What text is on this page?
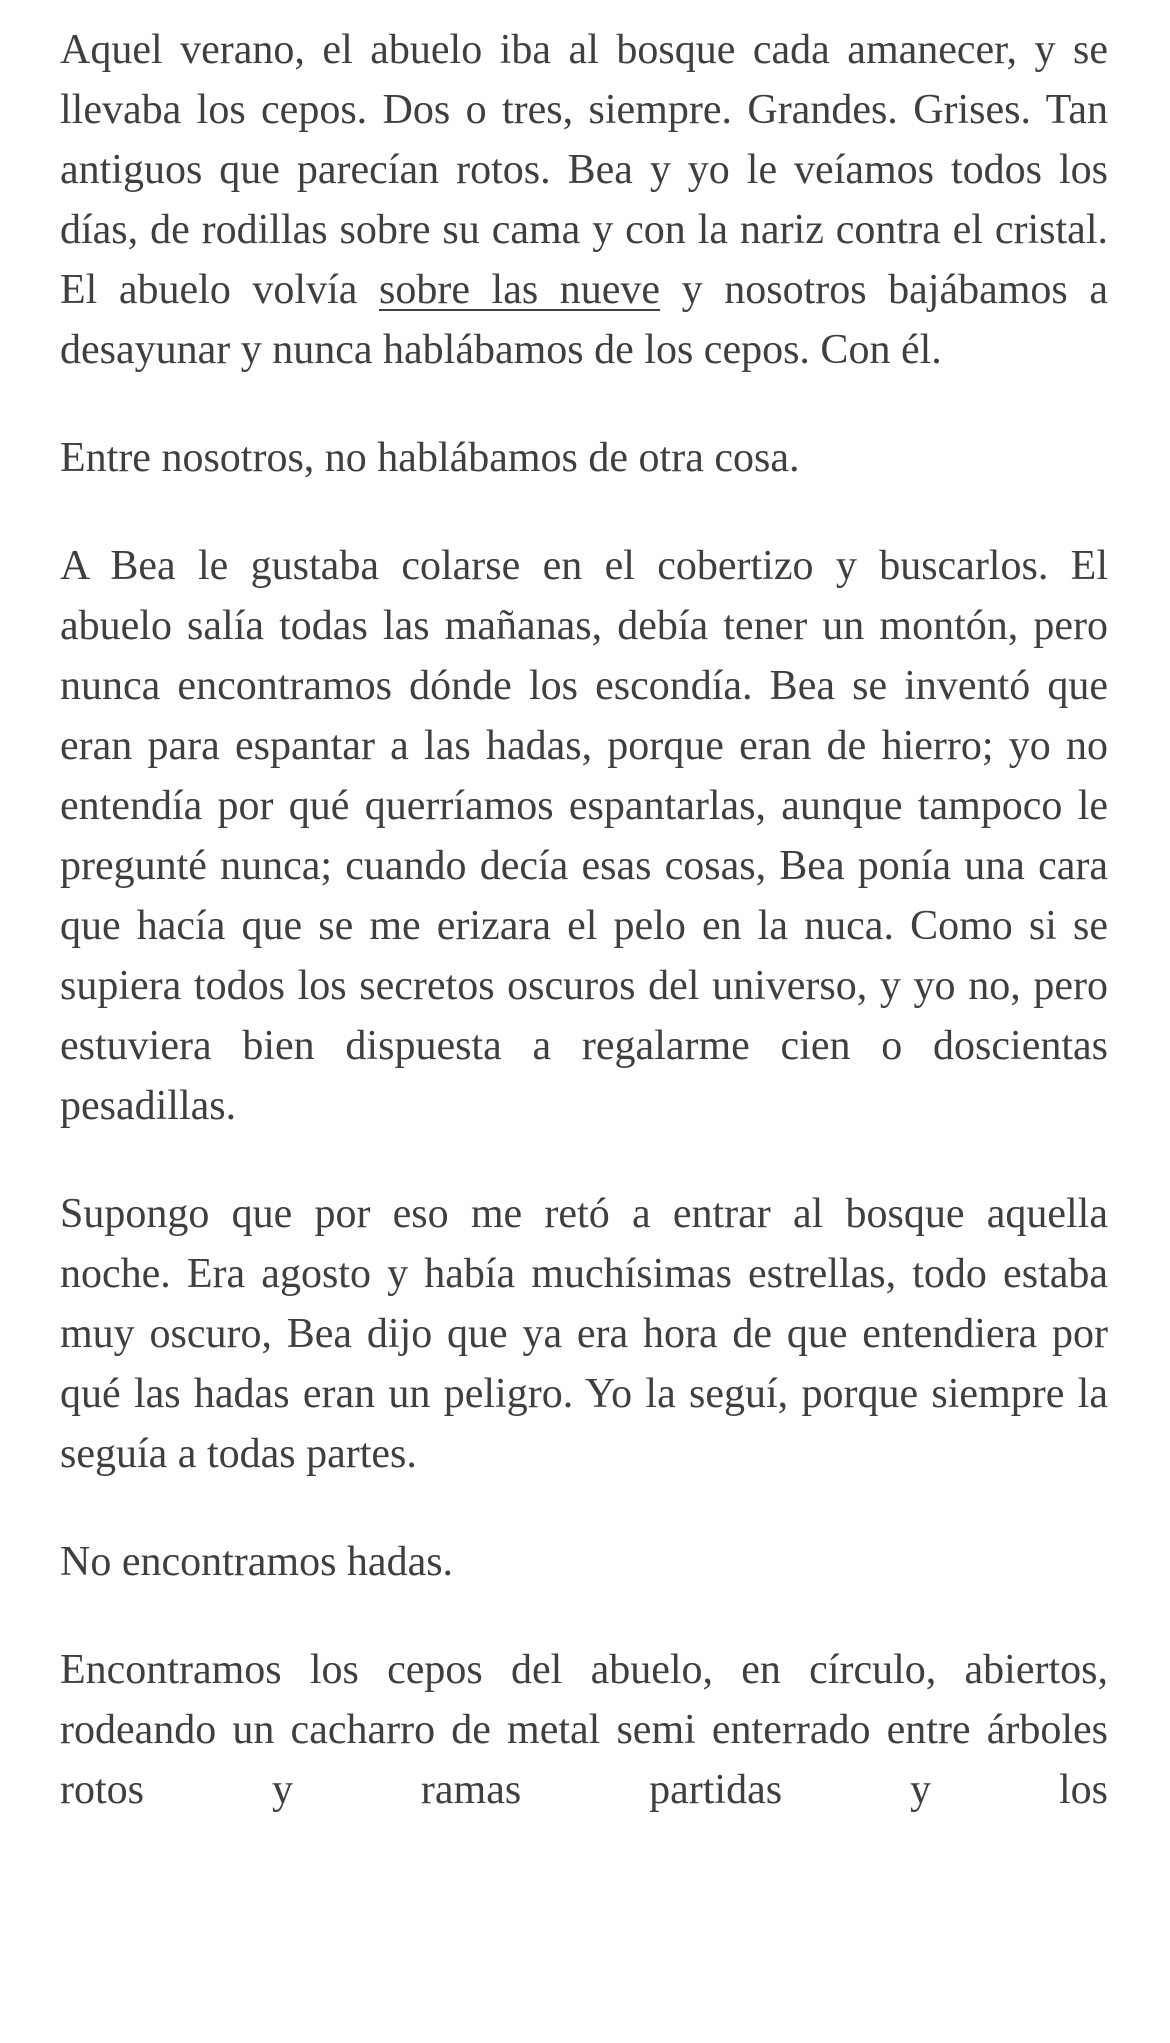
Aquel verano, el abuelo iba al bosque cada amanecer, y se llevaba los cepos. Dos o tres, siempre. Grandes. Grises. Tan antiguos que parecían rotos. Bea y yo le veíamos todos los días, de rodillas sobre su cama y con la nariz contra el cristal. El abuelo volvía sobre las nueve y nosotros bajábamos a desayunar y nunca hablábamos de los cepos. Con él.

Entre nosotros, no hablábamos de otra cosa.

A Bea le gustaba colarse en el cobertizo y buscarlos. El abuelo salía todas las mañanas, debía tener un montón, pero nunca encontramos dónde los escondía. Bea se inventó que eran para espantar a las hadas, porque eran de hierro; yo no entendía por qué querríamos espantarlas, aunque tampoco le pregunté nunca; cuando decía esas cosas, Bea ponía una cara que hacía que se me erizara el pelo en la nuca. Como si se supiera todos los secretos oscuros del universo, y yo no, pero estuviera bien dispuesta a regalarme cien o doscientas pesadillas.

Supongo que por eso me retó a entrar al bosque aquella noche. Era agosto y había muchísimas estrellas, todo estaba muy oscuro, Bea dijo que ya era hora de que entendiera por qué las hadas eran un peligro. Yo la seguí, porque siempre la seguía a todas partes.

No encontramos hadas.

Encontramos los cepos del abuelo, en círculo, abiertos, rodeando un cacharro de metal semi enterrado entre árboles rotos y ramas partidas y los
